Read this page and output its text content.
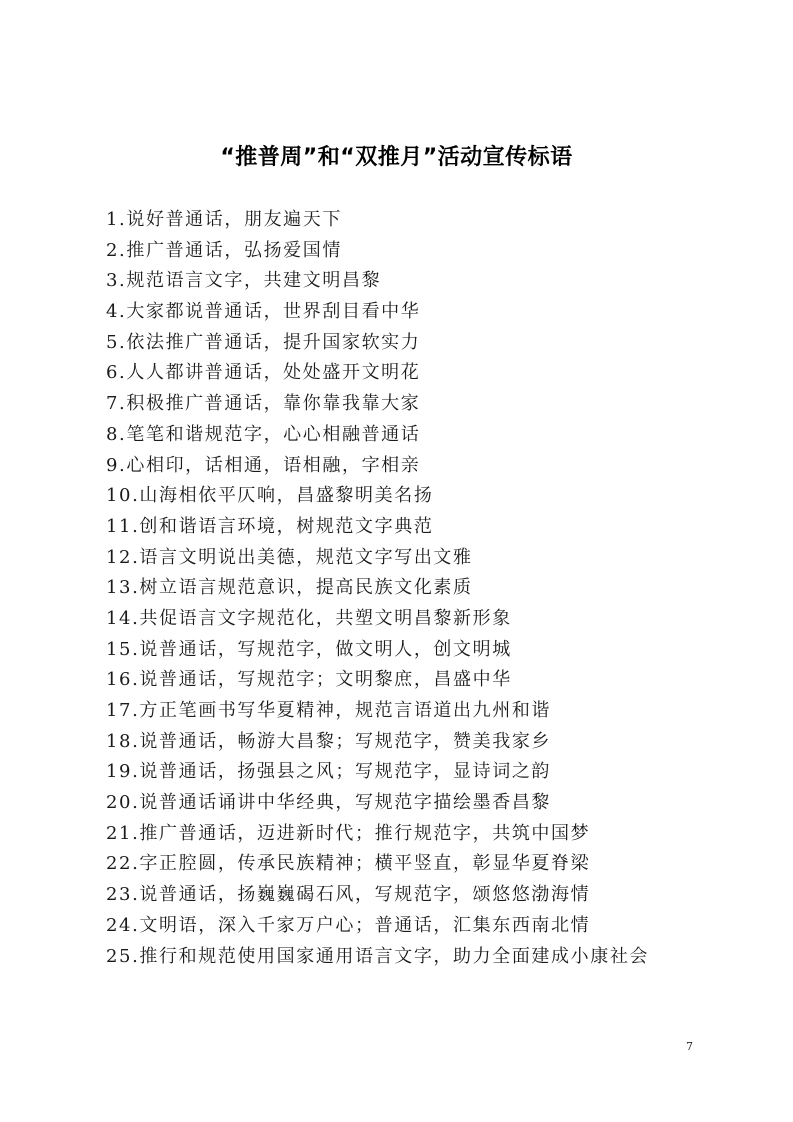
“推普周”和“双推月”活动宣传标语
1.说好普通话，朋友遍天下
2.推广普通话，弘扬爱国情
3.规范语言文字，共建文明昌黎
4.大家都说普通话，世界刮目看中华
5.依法推广普通话，提升国家软实力
6.人人都讲普通话，处处盛开文明花
7.积极推广普通话，靠你靠我靠大家
8.笔笔和谐规范字，心心相融普通话
9.心相印，话相通，语相融，字相亲
10.山海相依平仄响，昌盛黎明美名扬
11.创和谐语言环境，树规范文字典范
12.语言文明说出美德，规范文字写出文雅
13.树立语言规范意识，提高民族文化素质
14.共促语言文字规范化，共塑文明昌黎新形象
15.说普通话，写规范字，做文明人，创文明城
16.说普通话，写规范字；文明黎庶，昌盛中华
17.方正笔画书写华夏精神，规范言语道出九州和谐
18.说普通话，畅游大昌黎；写规范字，赞美我家乡
19.说普通话，扬强县之风；写规范字，显诗词之韵
20.说普通话诵讲中华经典，写规范字描绘墨香昌黎
21.推广普通话，迈进新时代；推行规范字，共筑中国梦
22.字正腔圆，传承民族精神；横平竖直，彰显华夏脊梁
23.说普通话，扬巍巍碣石风，写规范字，颂悠悠渤海情
24.文明语，深入千家万户心；普通话，汇集东西南北情
25.推行和规范使用国家通用语言文字，助力全面建成小康社会
7
